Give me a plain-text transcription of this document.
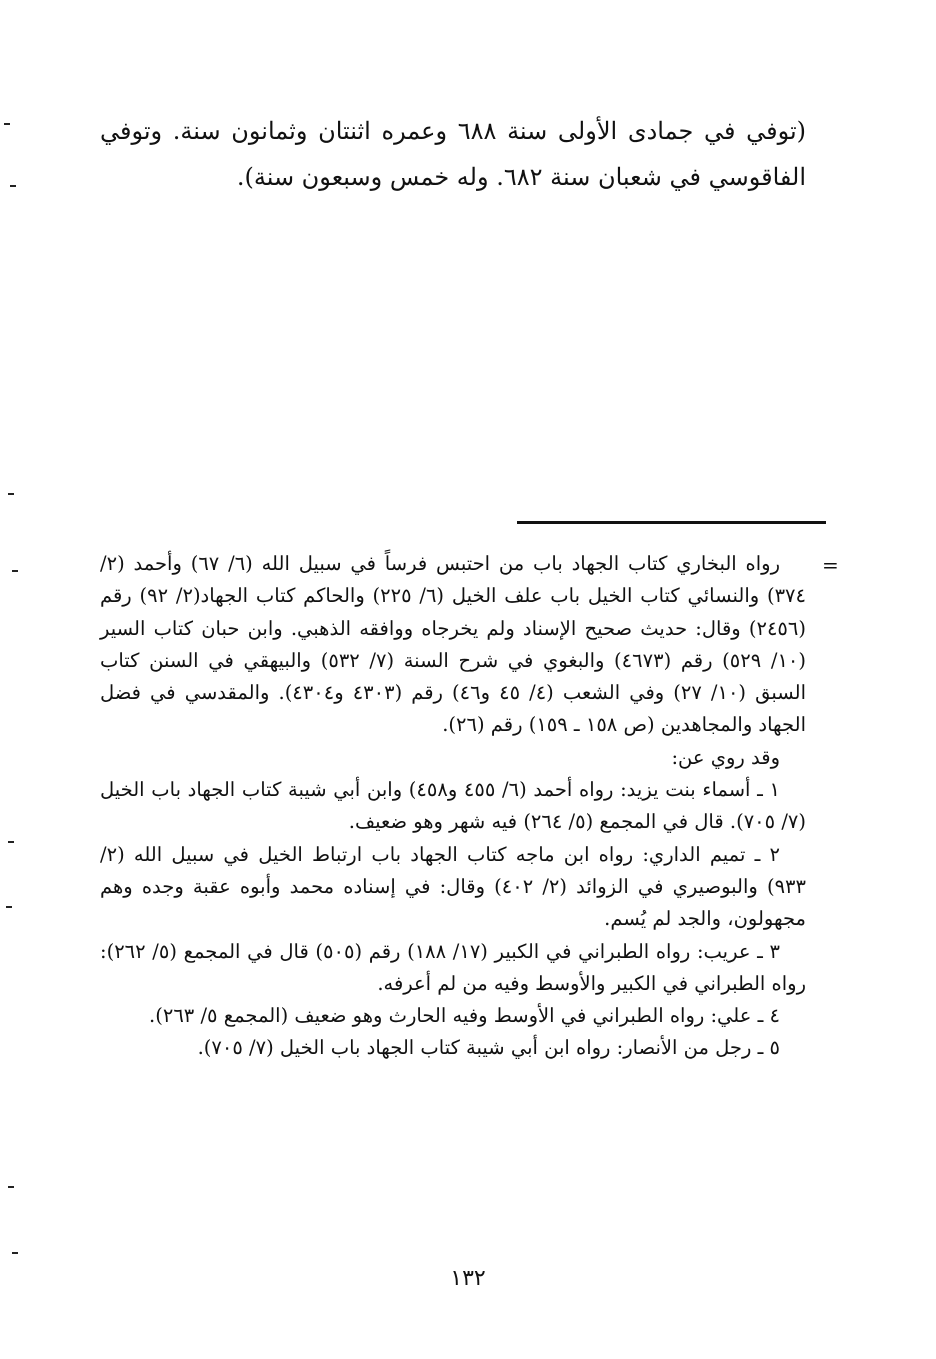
(توفي في جمادى الأولى سنة ٦٨٨ وعمره اثنتان وثمانون سنة. وتوفي الفاقوسي في شعبان سنة ٦٨٢. وله خمس وسبعون سنة).

=

رواه البخاري كتاب الجهاد باب من احتبس فرساً في سبيل الله (٦/ ٦٧) وأحمد (٢/ ٣٧٤) والنسائي كتاب الخيل باب علف الخيل (٦/ ٢٢٥) والحاكم كتاب الجهاد(٢/ ٩٢) رقم (٢٤٥٦) وقال: حديث صحيح الإسناد ولم يخرجاه ووافقه الذهبي. وابن حبان كتاب السير (١٠/ ٥٢٩) رقم (٤٦٧٣) والبغوي في شرح السنة (٧/ ٥٣٢) والبيهقي في السنن كتاب السبق (١٠/ ٢٧) وفي الشعب (٤/ ٤٥ و٤٦) رقم (٤٣٠٣ و٤٣٠٤). والمقدسي في فضل الجهاد والمجاهدين (ص ١٥٨ ـ ١٥٩) رقم (٢٦).

وقد روي عن:

١ ـ أسماء بنت يزيد: رواه أحمد (٦/ ٤٥٥ و٤٥٨) وابن أبي شيبة كتاب الجهاد باب الخيل (٧/ ٧٠٥). قال في المجمع (٥/ ٢٦٤) فيه شهر وهو ضعيف.

٢ ـ تميم الداري: رواه ابن ماجه كتاب الجهاد باب ارتباط الخيل في سبيل الله (٢/ ٩٣٣) والبوصيري في الزوائد (٢/ ٤٠٢) وقال: في إسناده محمد وأبوه عقبة وجده وهم مجهولون، والجد لم يُسم.

٣ ـ عريب: رواه الطبراني في الكبير (١٧/ ١٨٨) رقم (٥٠٥) قال في المجمع (٥/ ٢٦٢): رواه الطبراني في الكبير والأوسط وفيه من لم أعرفه.

٤ ـ علي: رواه الطبراني في الأوسط وفيه الحارث وهو ضعيف (المجمع ٥/ ٢٦٣).

٥ ـ رجل من الأنصار: رواه ابن أبي شيبة كتاب الجهاد باب الخيل (٧/ ٧٠٥).

١٣٢
